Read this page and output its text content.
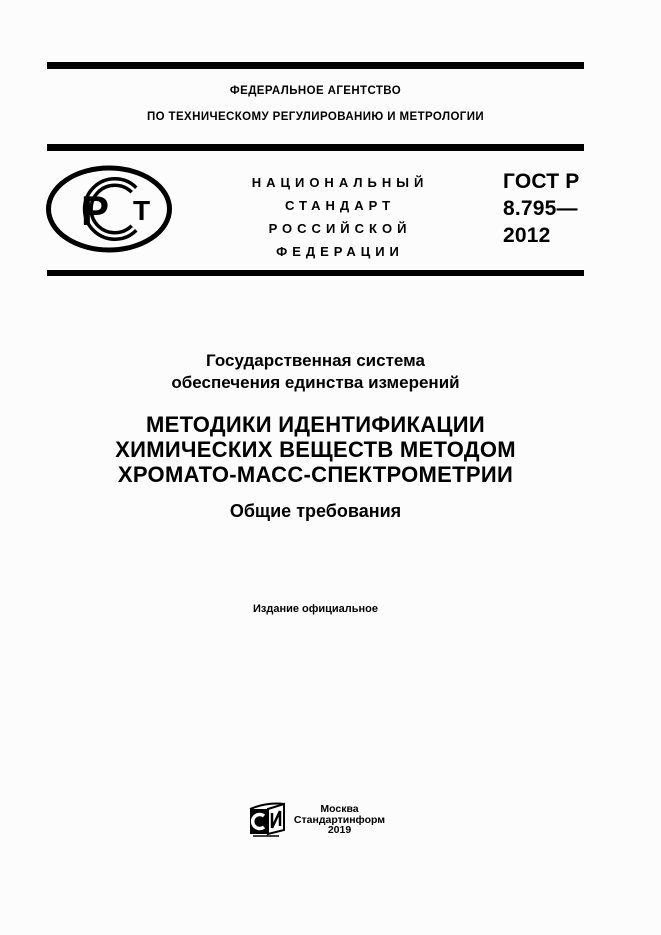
ФЕДЕРАЛЬНОЕ АГЕНТСТВО
ПО ТЕХНИЧЕСКОМУ РЕГУЛИРОВАНИЮ И МЕТРОЛОГИИ
Р Т
НАЦИОНАЛЬНЫЙ
СТАНДАРТ
РОССИЙСКОЙ
ФЕДЕРАЦИИ
ГОСТ Р
8.795—
2012
Государственная система
обеспечения единства измерений
МЕТОДИКИ ИДЕНТИФИКАЦИИ
ХИМИЧЕСКИХ ВЕЩЕСТВ МЕТОДОМ
ХРОМАТО-МАСС-СПЕКТРОМЕТРИИ
Общие требования
Издание официальное
Москва
Стандартинформ
2019
